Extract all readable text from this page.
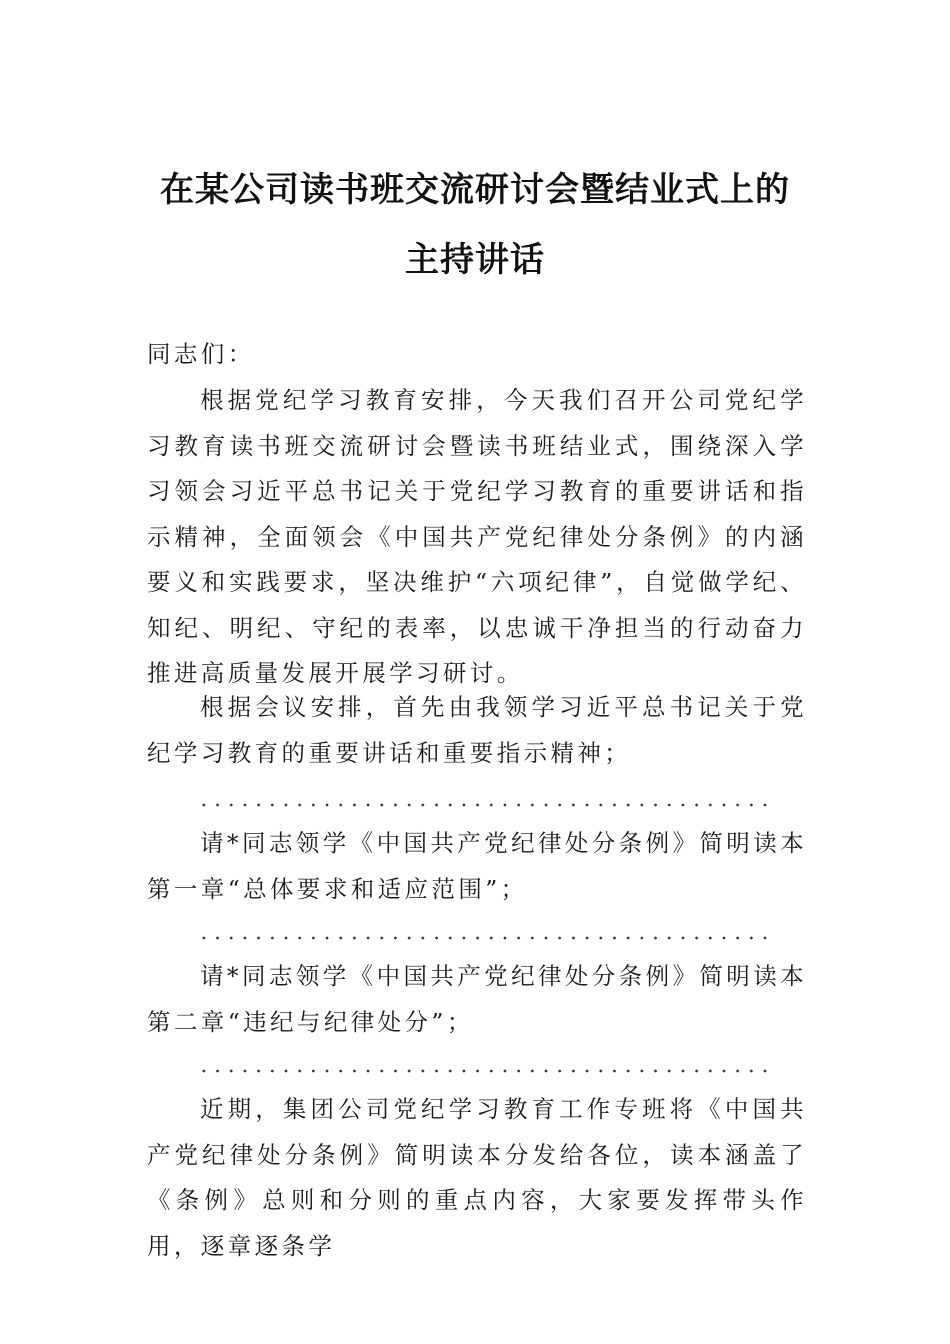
在某公司读书班交流研讨会暨结业式上的
主持讲话

同志们：

根据党纪学习教育安排，今天我们召开公司党纪学习教育读书班交流研讨会暨读书班结业式，围绕深入学习领会习近平总书记关于党纪学习教育的重要讲话和指示精神，全面领会《中国共产党纪律处分条例》的内涵要义和实践要求，坚决维护“六项纪律”，自觉做学纪、知纪、明纪、守纪的表率，以忠诚干净担当的行动奋力推进高质量发展开展学习研讨。

根据会议安排，首先由我领学习近平总书记关于党纪学习教育的重要讲话和重要指示精神；

请*同志领学《中国共产党纪律处分条例》简明读本第一章“总体要求和适应范围”；

请*同志领学《中国共产党纪律处分条例》简明读本第二章“违纪与纪律处分”；

近期，集团公司党纪学习教育工作专班将《中国共产党纪律处分条例》简明读本分发给各位，读本涵盖了《条例》总则和分则的重点内容，大家要发挥带头作用，逐章逐条学
